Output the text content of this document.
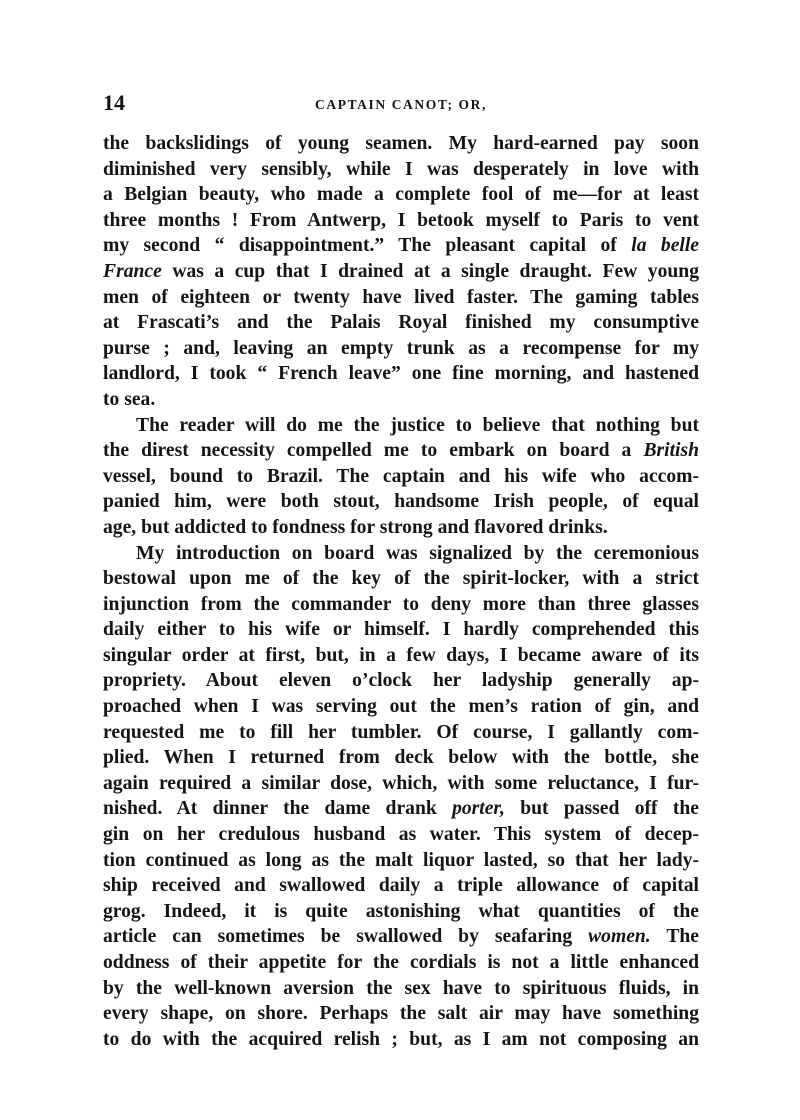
14	CAPTAIN CANOT; OR,
the backslidings of young seamen. My hard-earned pay soon
diminished very sensibly, while I was desperately in love with
a Belgian beauty, who made a complete fool of me—for at least
three months ! From Antwerp, I betook myself to Paris to vent
my second “ disappointment.” The pleasant capital of la belle
France was a cup that I drained at a single draught. Few young
men of eighteen or twenty have lived faster. The gaming tables
at Frascati’s and the Palais Royal finished my consumptive
purse ; and, leaving an empty trunk as a recompense for my
landlord, I took “ French leave” one fine morning, and hastened
to sea.
The reader will do me the justice to believe that nothing but
the direst necessity compelled me to embark on board a British
vessel, bound to Brazil. The captain and his wife who accom-
panied him, were both stout, handsome Irish people, of equal
age, but addicted to fondness for strong and flavored drinks.
My introduction on board was signalized by the ceremonious
bestowal upon me of the key of the spirit-locker, with a strict
injunction from the commander to deny more than three glasses
daily either to his wife or himself. I hardly comprehended this
singular order at first, but, in a few days, I became aware of its
propriety. About eleven o’clock her ladyship generally ap-
proached when I was serving out the men’s ration of gin, and
requested me to fill her tumbler. Of course, I gallantly com-
plied. When I returned from deck below with the bottle, she
again required a similar dose, which, with some reluctance, I fur-
nished. At dinner the dame drank porter, but passed off the
gin on her credulous husband as water. This system of decep-
tion continued as long as the malt liquor lasted, so that her lady-
ship received and swallowed daily a triple allowance of capital
grog. Indeed, it is quite astonishing what quantities of the
article can sometimes be swallowed by seafaring women. The
oddness of their appetite for the cordials is not a little enhanced
by the well-known aversion the sex have to spirituous fluids, in
every shape, on shore. Perhaps the salt air may have something
to do with the acquired relish ; but, as I am not composing an
